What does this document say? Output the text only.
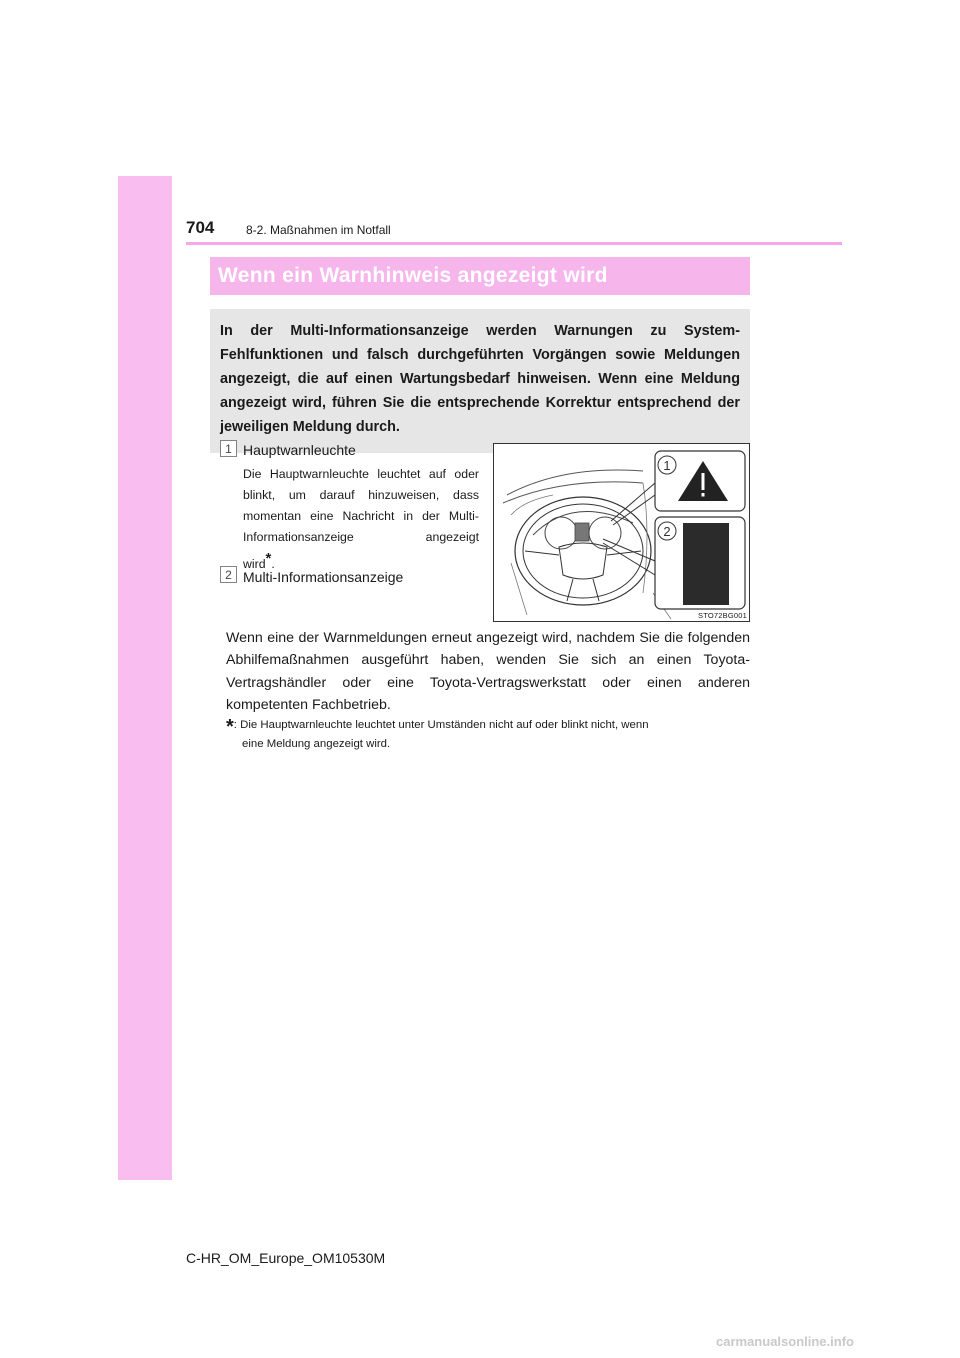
704	8-2. Maßnahmen im Notfall
Wenn ein Warnhinweis angezeigt wird
In der Multi-Informationsanzeige werden Warnungen zu System-Fehlfunktionen und falsch durchgeführten Vorgängen sowie Meldungen angezeigt, die auf einen Wartungsbedarf hinweisen. Wenn eine Meldung angezeigt wird, führen Sie die entsprechende Korrektur entsprechend der jeweiligen Meldung durch.
1 Hauptwarnleuchte
Die Hauptwarnleuchte leuchtet auf oder blinkt, um darauf hinzuweisen, dass momentan eine Nachricht in der Multi-Informationsanzeige angezeigt
wird*.
2 Multi-Informationsanzeige
1
2
STO72BG001
Wenn eine der Warnmeldungen erneut angezeigt wird, nachdem Sie die folgenden Abhilfemaßnahmen ausgeführt haben, wenden Sie sich an einen Toyota-Vertragshändler oder eine Toyota-Vertragswerkstatt oder einen anderen kompetenten Fachbetrieb.
*: Die Hauptwarnleuchte leuchtet unter Umständen nicht auf oder blinkt nicht, wenn
eine Meldung angezeigt wird.
C-HR_OM_Europe_OM10530M
carmanualsonline.info
